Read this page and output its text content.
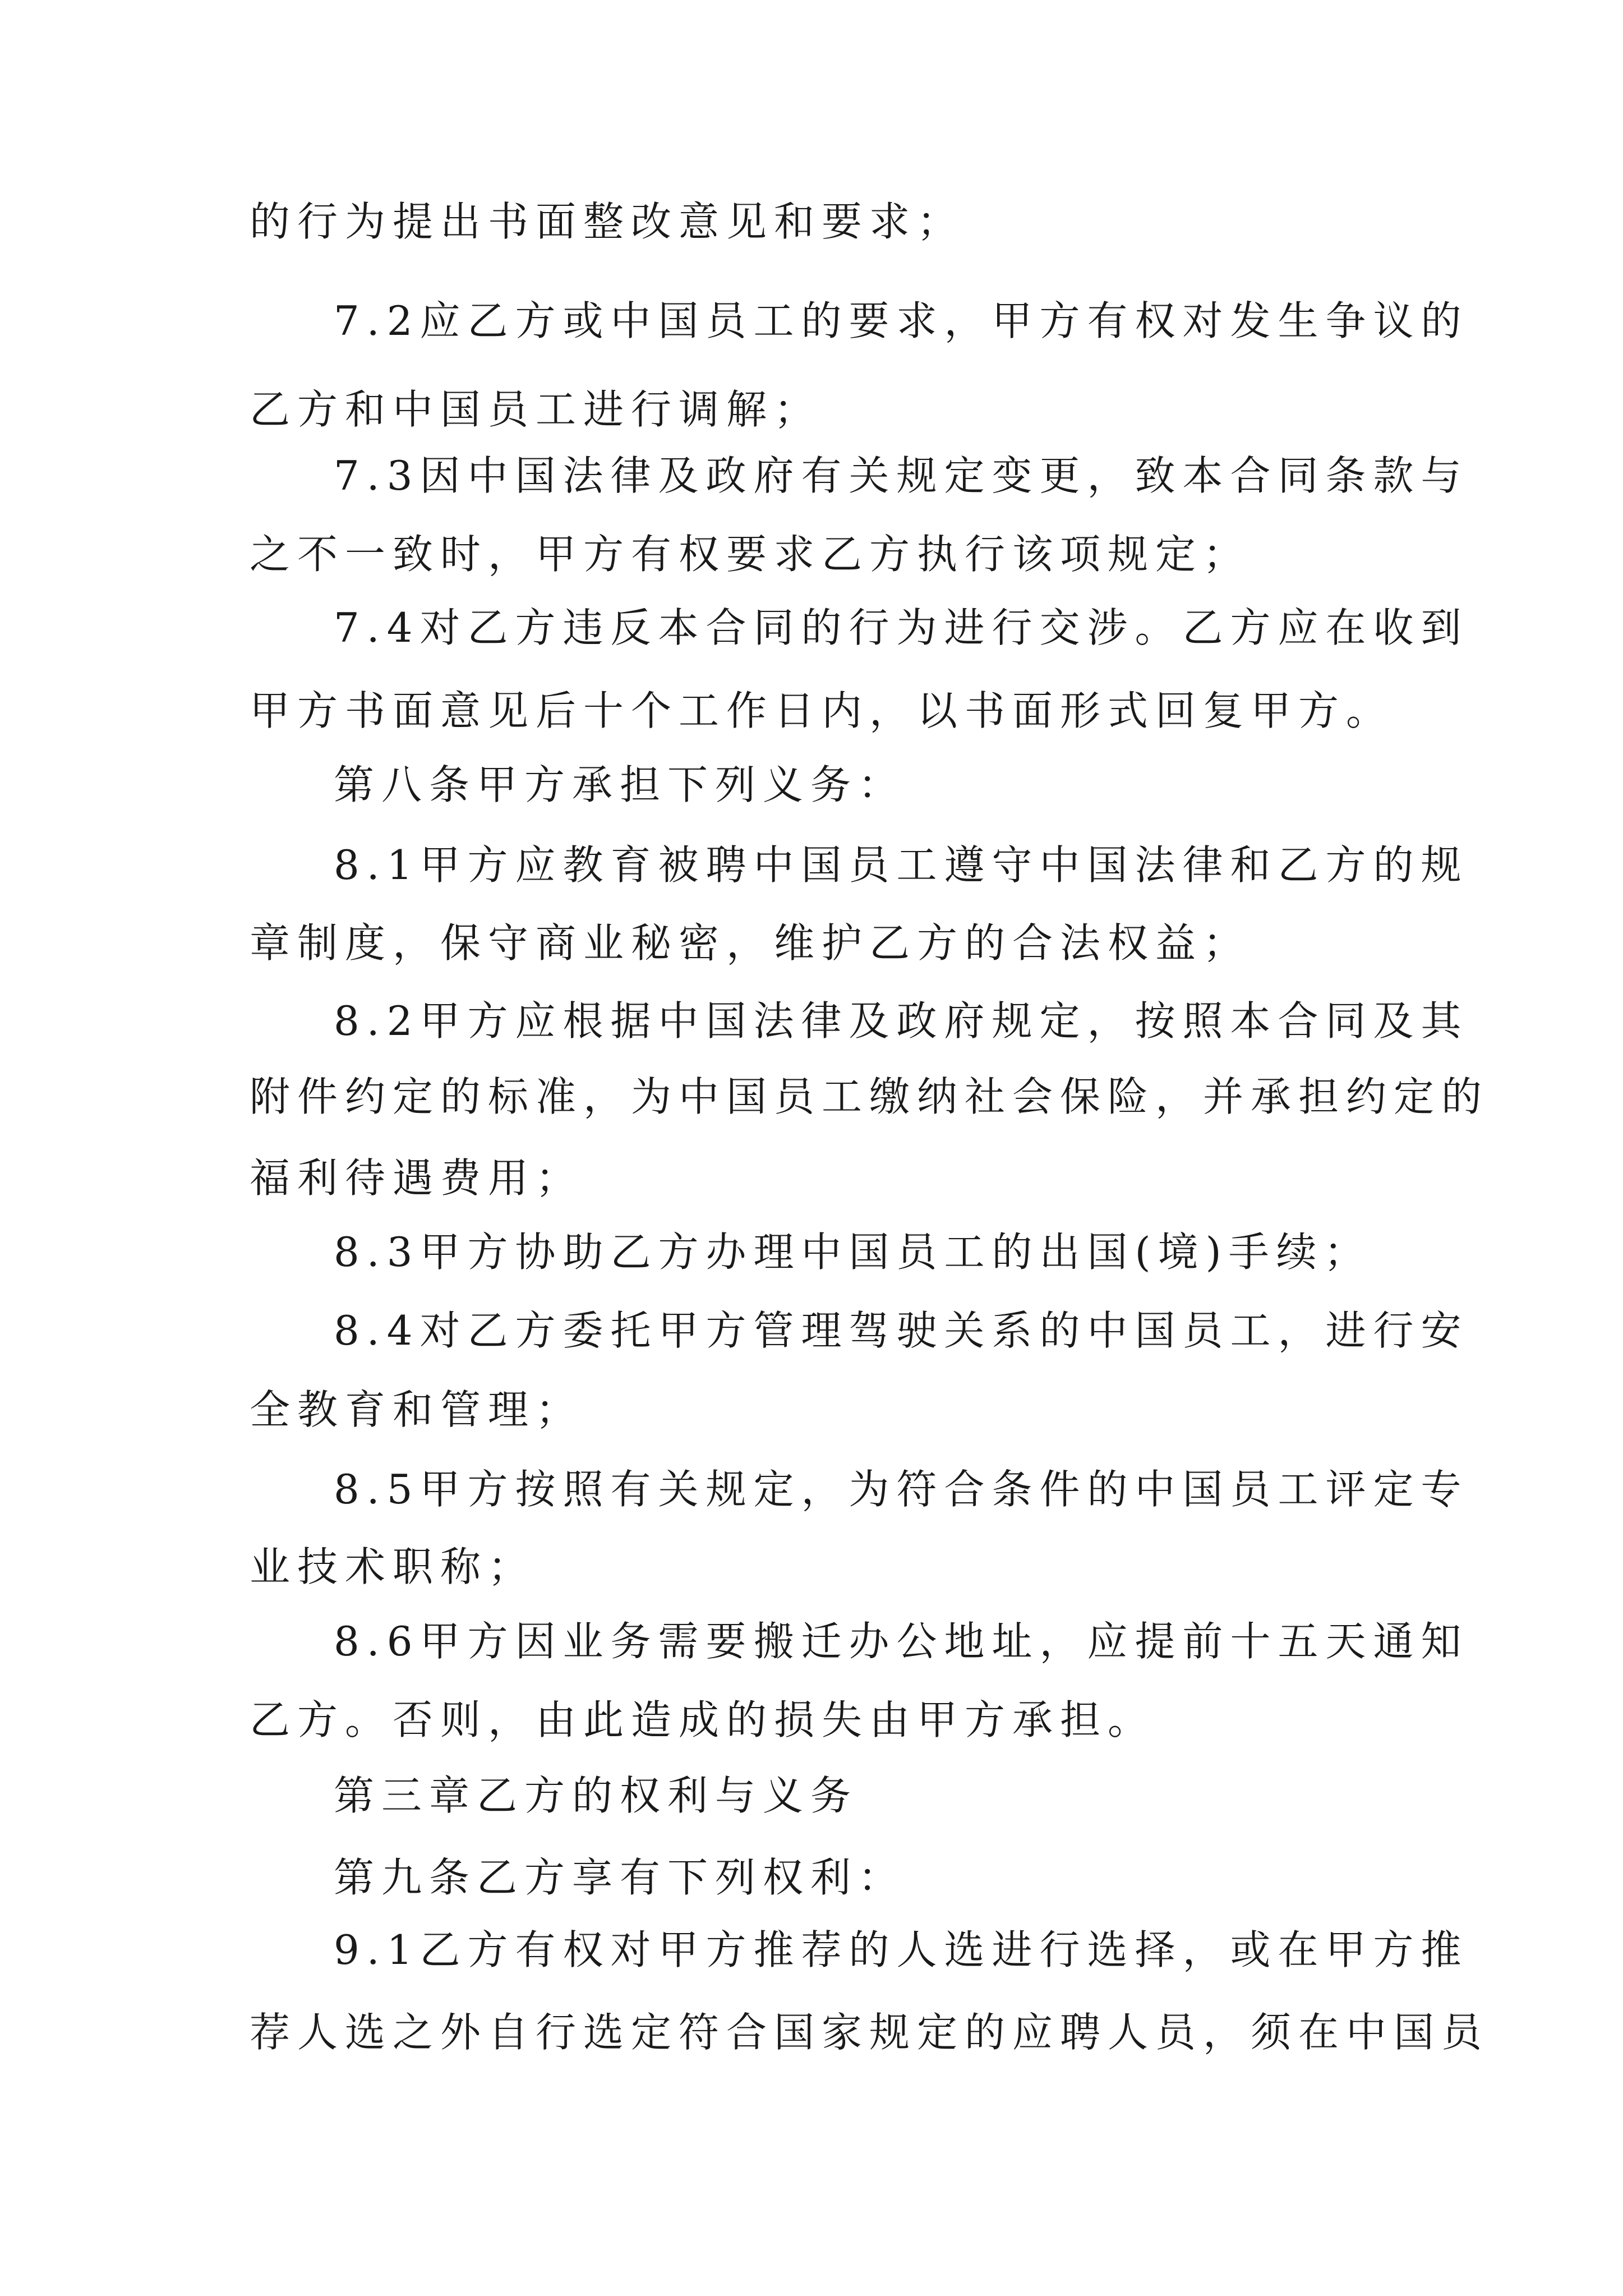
的行为提出书面整改意见和要求；
7.2应乙方或中国员工的要求，甲方有权对发生争议的
乙方和中国员工进行调解；
7.3因中国法律及政府有关规定变更，致本合同条款与
之不一致时，甲方有权要求乙方执行该项规定；
7.4对乙方违反本合同的行为进行交涉。乙方应在收到
甲方书面意见后十个工作日内，以书面形式回复甲方。
第八条甲方承担下列义务：
8.1甲方应教育被聘中国员工遵守中国法律和乙方的规
章制度，保守商业秘密，维护乙方的合法权益；
8.2甲方应根据中国法律及政府规定，按照本合同及其
附件约定的标准，为中国员工缴纳社会保险，并承担约定的
福利待遇费用；
8.3甲方协助乙方办理中国员工的出国(境)手续；
8.4对乙方委托甲方管理驾驶关系的中国员工，进行安
全教育和管理；
8.5甲方按照有关规定，为符合条件的中国员工评定专
业技术职称；
8.6甲方因业务需要搬迁办公地址，应提前十五天通知
乙方。否则，由此造成的损失由甲方承担。
第三章乙方的权利与义务
第九条乙方享有下列权利：
9.1乙方有权对甲方推荐的人选进行选择，或在甲方推
荐人选之外自行选定符合国家规定的应聘人员，须在中国员
